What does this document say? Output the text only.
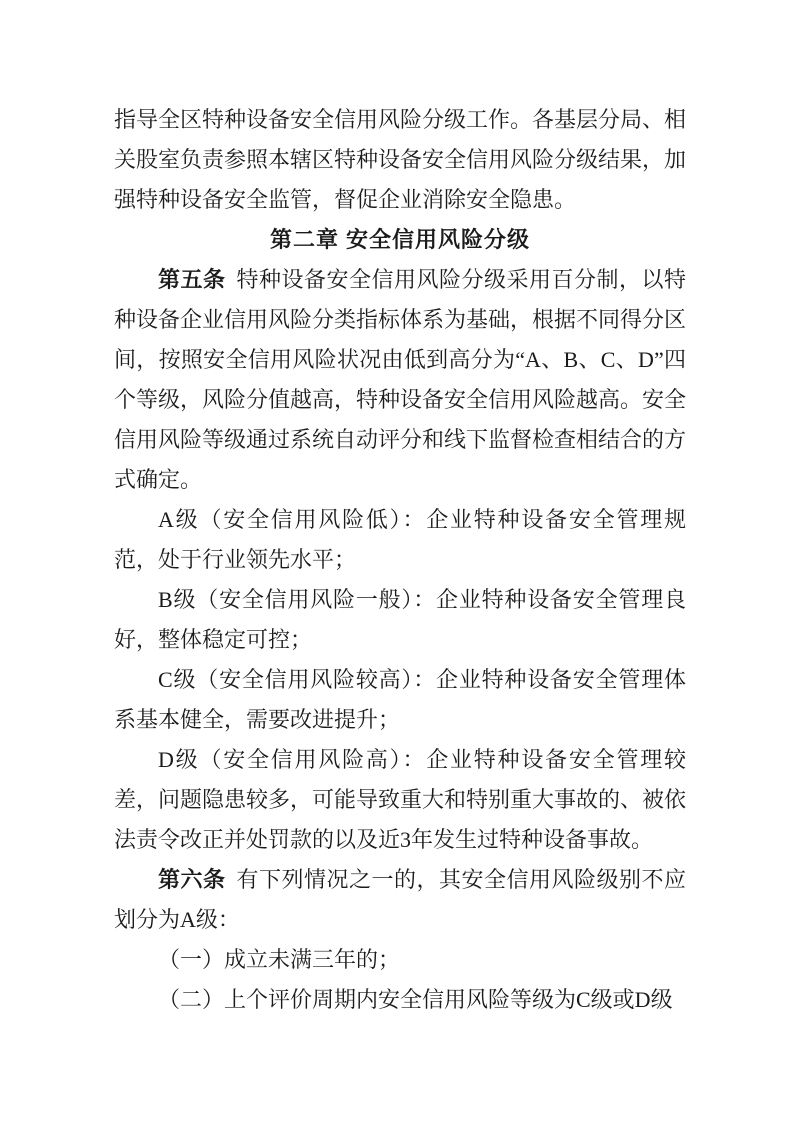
指导全区特种设备安全信用风险分级工作。各基层分局、相关股室负责参照本辖区特种设备安全信用风险分级结果，加强特种设备安全监管，督促企业消除安全隐患。

第二章 安全信用风险分级

第五条 特种设备安全信用风险分级采用百分制，以特种设备企业信用风险分类指标体系为基础，根据不同得分区间，按照安全信用风险状况由低到高分为“A、B、C、D”四个等级，风险分值越高，特种设备安全信用风险越高。安全信用风险等级通过系统自动评分和线下监督检查相结合的方式确定。

A级（安全信用风险低）：企业特种设备安全管理规范，处于行业领先水平；

B级（安全信用风险一般）：企业特种设备安全管理良好，整体稳定可控；

C级（安全信用风险较高）：企业特种设备安全管理体系基本健全，需要改进提升；

D级（安全信用风险高）：企业特种设备安全管理较差，问题隐患较多，可能导致重大和特别重大事故的、被依法责令改正并处罚款的以及近3年发生过特种设备事故。

第六条 有下列情况之一的，其安全信用风险级别不应划分为A级：

（一）成立未满三年的；

（二）上个评价周期内安全信用风险等级为C级或D级
